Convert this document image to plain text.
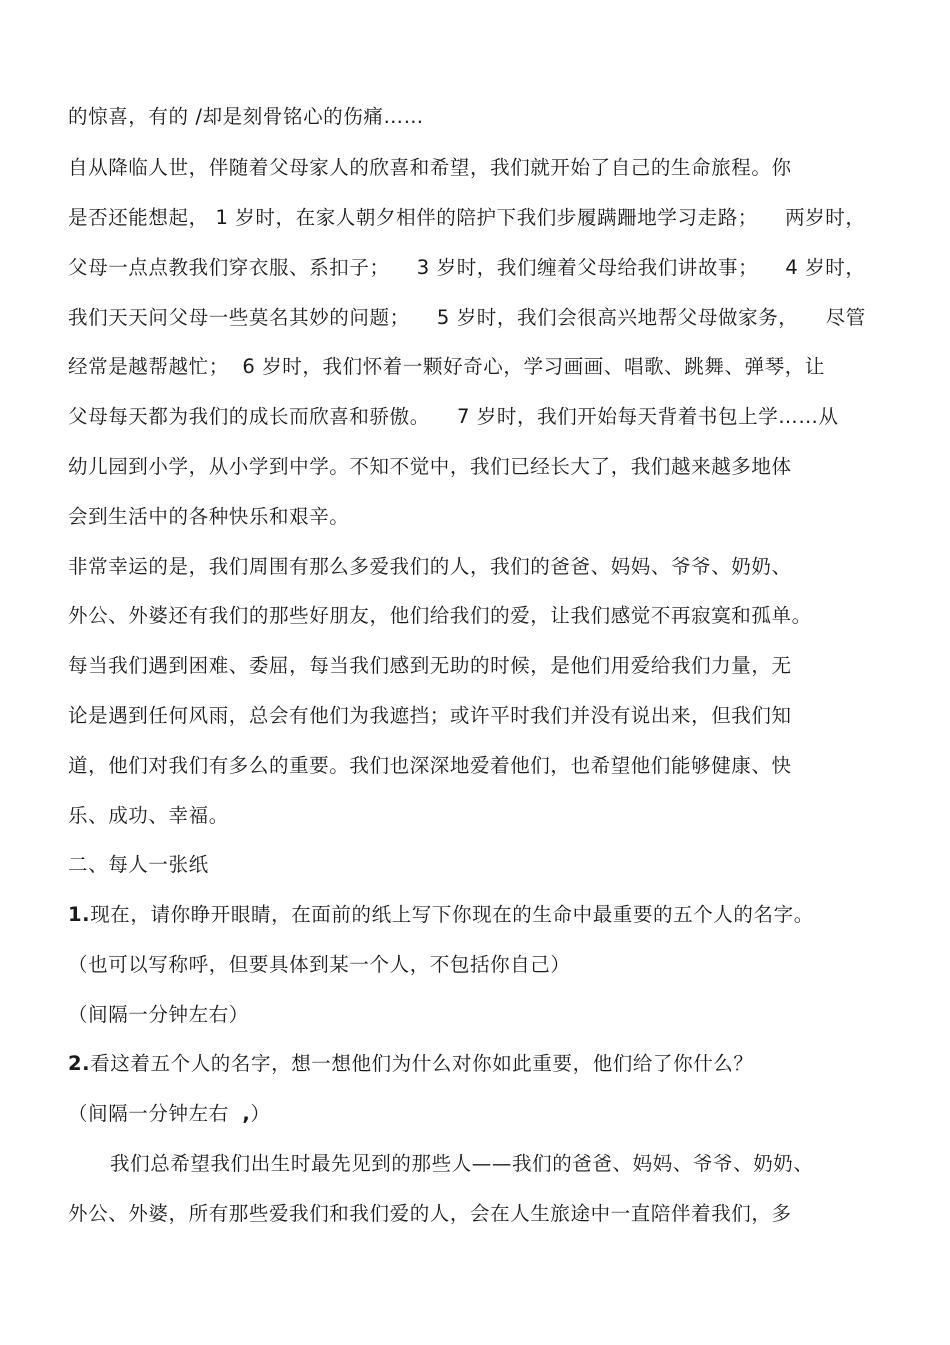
的惊喜，有的 /却是刻骨铭心的伤痛……
自从降临人世，伴随着父母家人的欣喜和希望，我们就开始了自己的生命旅程。你
是否还能想起， 1 岁时，在家人朝夕相伴的陪护下我们步履蹒跚地学习走路；    两岁时，
父母一点点教我们穿衣服、系扣子；    3 岁时，我们缠着父母给我们讲故事；    4 岁时，
我们天天问父母一些莫名其妙的问题；    5 岁时，我们会很高兴地帮父母做家务，    尽管
经常是越帮越忙；  6 岁时，我们怀着一颗好奇心，学习画画、唱歌、跳舞、弹琴，让
父母每天都为我们的成长而欣喜和骄傲。    7 岁时，我们开始每天背着书包上学……从
幼儿园到小学，从小学到中学。不知不觉中，我们已经长大了，我们越来越多地体
会到生活中的各种快乐和艰辛。
非常幸运的是，我们周围有那么多爱我们的人，我们的爸爸、妈妈、爷爷、奶奶、
外公、外婆还有我们的那些好朋友，他们给我们的爱，让我们感觉不再寂寞和孤单。
每当我们遇到困难、委屈，每当我们感到无助的时候，是他们用爱给我们力量，无
论是遇到任何风雨，总会有他们为我遮挡；或许平时我们并没有说出来，但我们知
道，他们对我们有多么的重要。我们也深深地爱着他们，也希望他们能够健康、快
乐、成功、幸福。
二、每人一张纸
1.现在，请你睁开眼睛，在面前的纸上写下你现在的生命中最重要的五个人的名字。
（也可以写称呼，但要具体到某一个人，不包括你自己）
（间隔一分钟左右）
2.看这着五个人的名字，想一想他们为什么对你如此重要，他们给了你什么？
（间隔一分钟左右  ,）
我们总希望我们出生时最先见到的那些人——我们的爸爸、妈妈、爷爷、奶奶、
外公、外婆，所有那些爱我们和我们爱的人，会在人生旅途中一直陪伴着我们，多
